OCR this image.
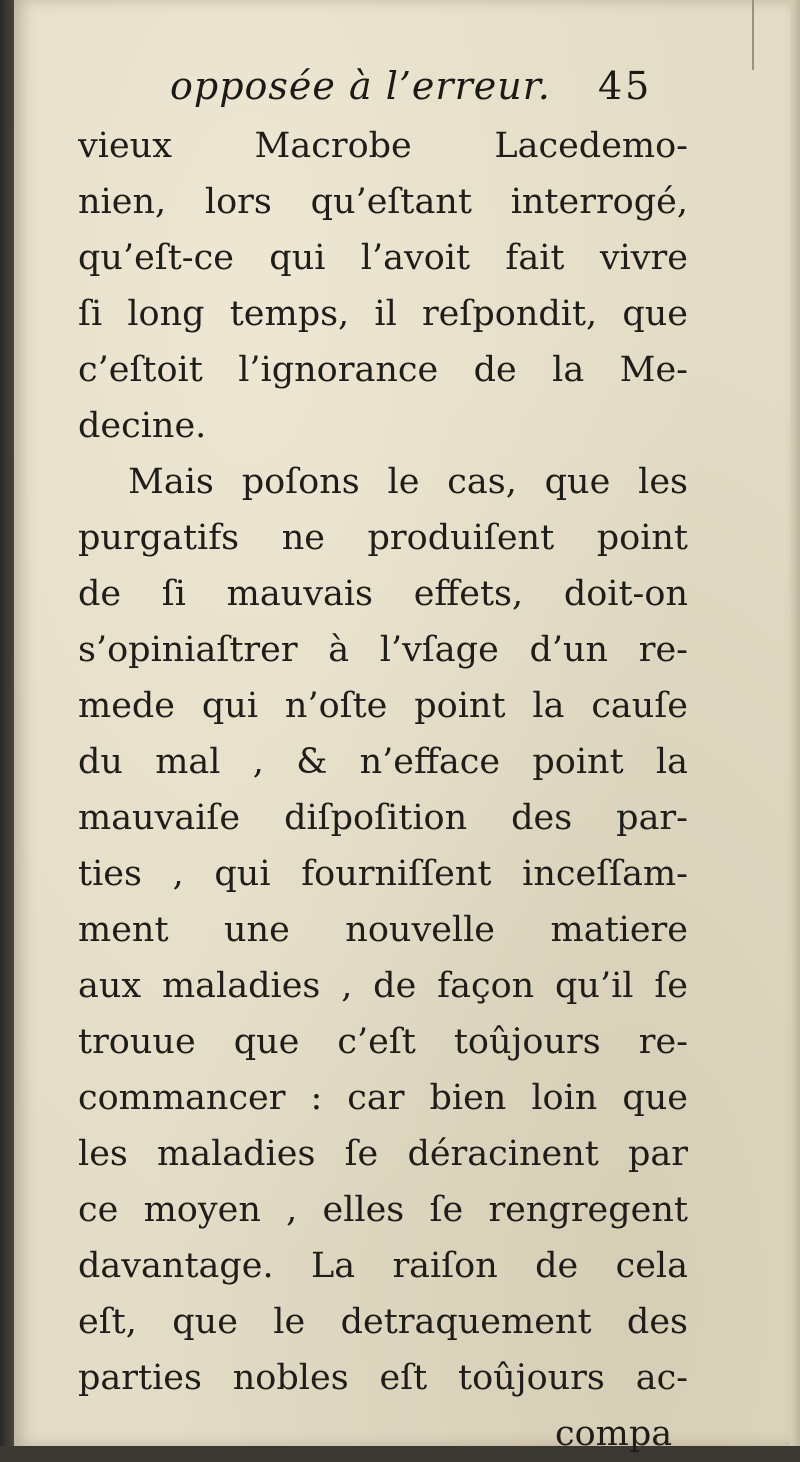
opposée à l’erreur. 45
vieux Macrobe Lacedemo-
nien, lors qu’eſtant interrogé,
qu’eſt-ce qui l’avoit fait vivre
ſi long temps, il reſpondit, que
c’eſtoit l’ignorance de la Me-
decine.
Mais poſons le cas, que les
purgatifs ne produiſent point
de ſi mauvais effets, doit-on
s’opiniaſtrer à l’vſage d’un re-
mede qui n’oſte point la cauſe
du mal , & n’efface point la
mauvaiſe diſpoſition des par-
ties , qui fourniſſent inceſſam-
ment une nouvelle matiere
aux maladies , de façon qu’il ſe
trouue que c’eſt toûjours re-
commancer : car bien loin que
les maladies ſe déracinent par
ce moyen , elles ſe rengregent
davantage. La raiſon de cela
eſt, que le detraquement des
parties nobles eſt toûjours ac-
compa
